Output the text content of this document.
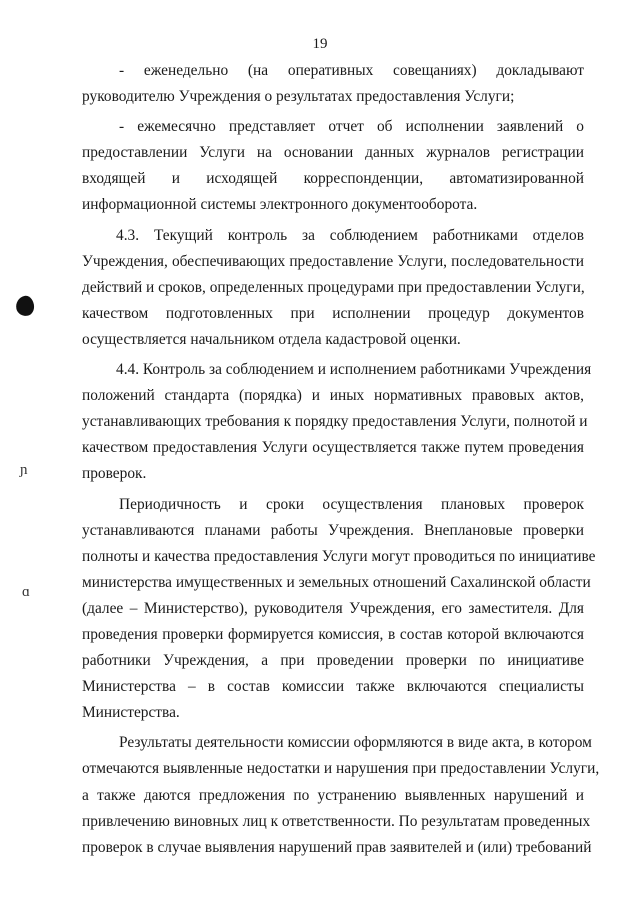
19
ɲ
ɑ
- еженедельно (на оперативных совещаниях) докладывают
руководителю Учреждения о результатах предоставления Услуги;
- ежемесячно представляет отчет об исполнении заявлений о
предоставлении Услуги на основании данных журналов регистрации
входящей и исходящей корреспонденции, автоматизированной
информационной системы электронного документооборота.
4.3. Текущий контроль за соблюдением работниками отделов
Учреждения, обеспечивающих предоставление Услуги, последовательности
действий и сроков, определенных процедурами при предоставлении Услуги,
качеством подготовленных при исполнении процедур документов
осуществляется начальником отдела кадастровой оценки.
4.4. Контроль за соблюдением и исполнением работниками Учреждения
положений стандарта (порядка) и иных нормативных правовых актов,
устанавливающих требования к порядку предоставления Услуги, полнотой и
качеством предоставления Услуги осуществляется также путем проведения
проверок.
Периодичность и сроки осуществления плановых проверок
устанавливаются планами работы Учреждения. Внеплановые проверки
полноты и качества предоставления Услуги могут проводиться по инициативе
министерства имущественных и земельных отношений Сахалинской области
(далее – Министерство), руководителя Учреждения, его заместителя. Для
проведения проверки формируется комиссия, в состав которой включаются
работники Учреждения, а при проведении проверки по инициативе
Министерства – в состав комиссии также включаются специалисты
Министерства.
Результаты деятельности комиссии оформляются в виде акта, в котором
отмечаются выявленные недостатки и нарушения при предоставлении Услуги,
а также даются предложения по устранению выявленных нарушений и
привлечению виновных лиц к ответственности. По результатам проведенных
проверок в случае выявления нарушений прав заявителей и (или) требований
